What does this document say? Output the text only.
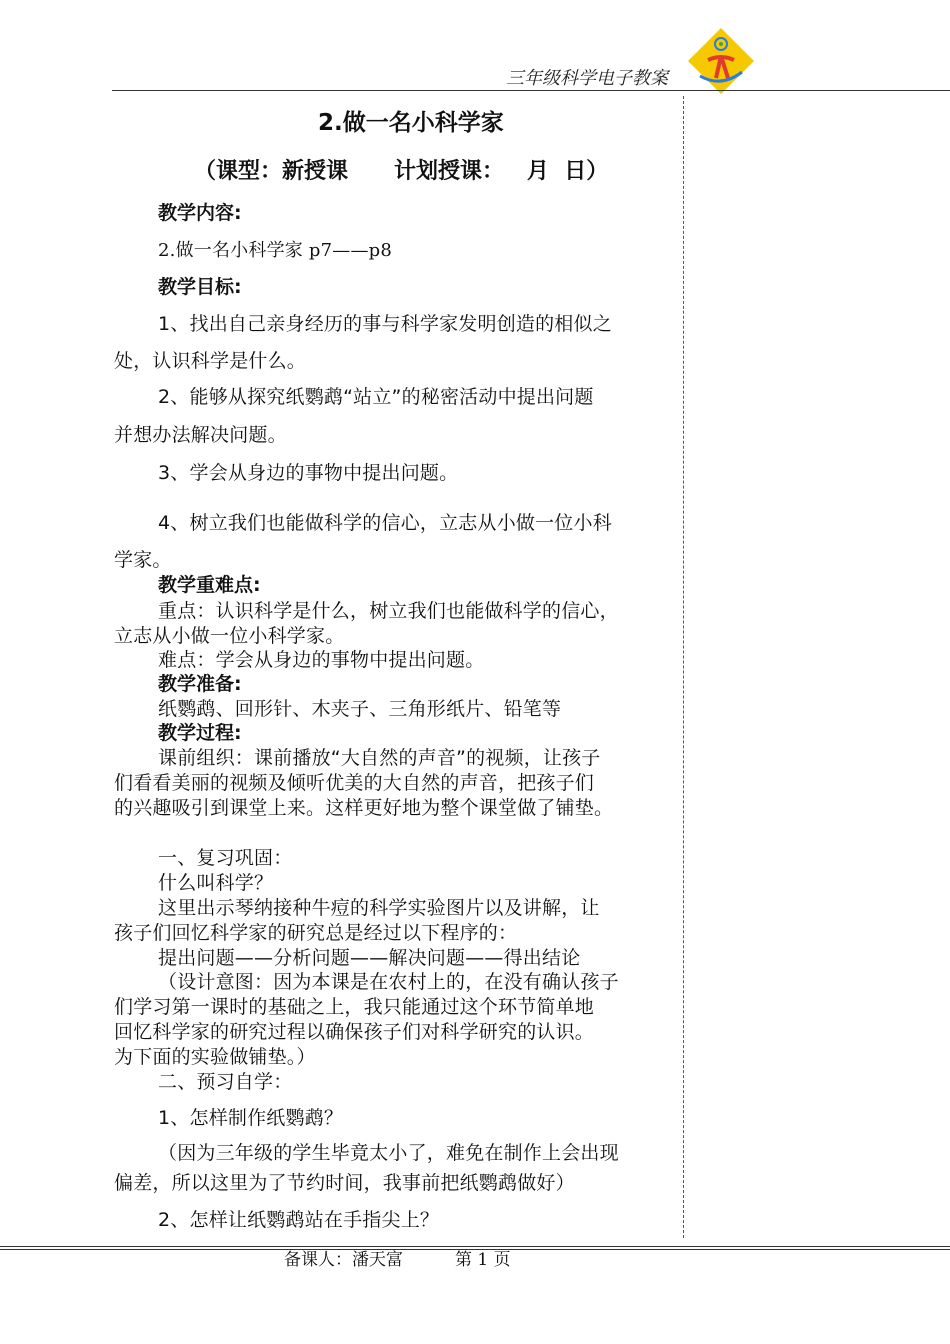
三年级科学电子教案
2.做一名小科学家
（课型：新授课      计划授课：   月  日）
教学内容:
2.做一名小科学家 p7——p8
教学目标:
1、找出自己亲身经历的事与科学家发明创造的相似之
处，认识科学是什么。
2、能够从探究纸鹦鹉“站立”的秘密活动中提出问题
并想办法解决问题。
3、学会从身边的事物中提出问题。
4、树立我们也能做科学的信心，立志从小做一位小科
学家。
教学重难点:
重点：认识科学是什么，树立我们也能做科学的信心，
立志从小做一位小科学家。
难点：学会从身边的事物中提出问题。
教学准备:
纸鹦鹉、回形针、木夹子、三角形纸片、铅笔等
教学过程:
课前组织：课前播放“大自然的声音”的视频，让孩子
们看看美丽的视频及倾听优美的大自然的声音，把孩子们
的兴趣吸引到课堂上来。这样更好地为整个课堂做了铺垫。
一、复习巩固：
什么叫科学？
这里出示琴纳接种牛痘的科学实验图片以及讲解，让
孩子们回忆科学家的研究总是经过以下程序的：
提出问题——分析问题——解决问题——得出结论
（设计意图：因为本课是在农村上的，在没有确认孩子
们学习第一课时的基础之上，我只能通过这个环节简单地
回忆科学家的研究过程以确保孩子们对科学研究的认识。
为下面的实验做铺垫。）
二、预习自学：
1、怎样制作纸鹦鹉？
（因为三年级的学生毕竟太小了，难免在制作上会出现
偏差，所以这里为了节约时间，我事前把纸鹦鹉做好）
2、怎样让纸鹦鹉站在手指尖上？
备课人：潘天富	第 1 页
